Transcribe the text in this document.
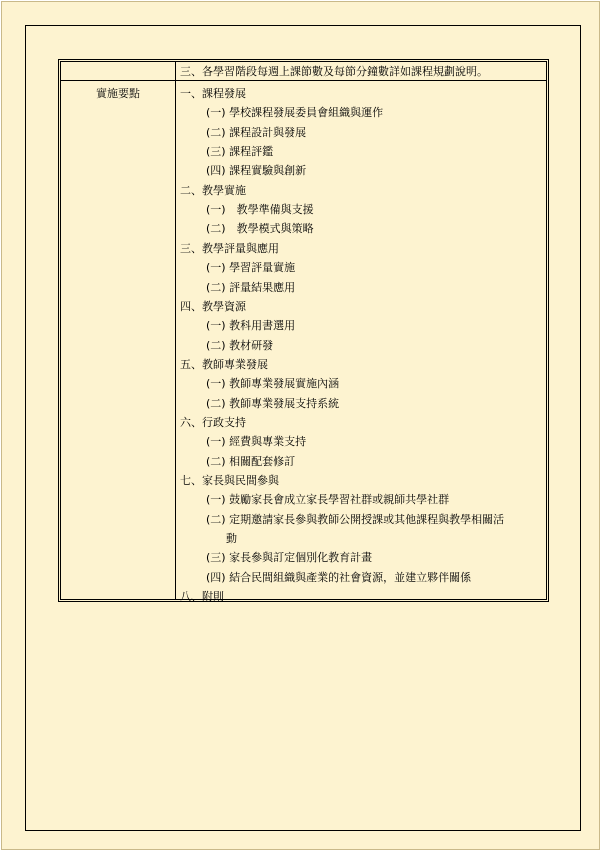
三、各學習階段每週上課節數及每節分鐘數詳如課程規劃說明。
實施要點	一、課程發展
(一) 學校課程發展委員會組織與運作
(二) 課程設計與發展
(三) 課程評鑑
(四) 課程實驗與創新
二、教學實施
(一)　教學準備與支援
(二)　教學模式與策略
三、教學評量與應用
(一) 學習評量實施
(二) 評量結果應用
四、教學資源
(一) 教科用書選用
(二) 教材研發
五、教師專業發展
(一) 教師專業發展實施內涵
(二) 教師專業發展支持系統
六、行政支持
(一) 經費與專業支持
(二) 相關配套修訂
七、家長與民間參與
(一) 鼓勵家長會成立家長學習社群或親師共學社群
(二) 定期邀請家長參與教師公開授課或其他課程與教學相關活
動
(三) 家長參與訂定個別化教育計畫
(四) 結合民間組織與產業的社會資源，並建立夥伴關係
八、附則
